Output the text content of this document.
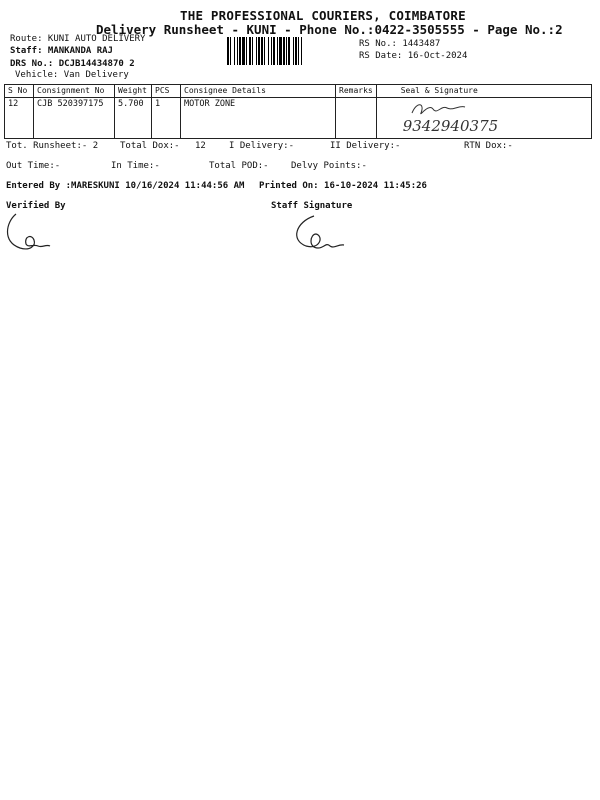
THE PROFESSIONAL COURIERS, COIMBATORE
Delivery Runsheet - KUNI - Phone No.:0422-3505555 - Page No.:2
Route: KUNI AUTO DELIVERY
Staff: MANKANDA RAJ
DRS No.: DCJB14434870 2
Vehicle: Van Delivery
RS No.: 1443487
RS Date: 16-Oct-2024
S No	Consignment No	Weight	PCS	Consignee Details	Remarks	Seal & Signature
12	CJB 520397175	5.700	1	MOTOR ZONE		9342940375
Tot. Runsheet:- 2 Total Dox:- 12	I Delivery:-	II Delivery:-	RTN Dox:-
Out Time:-	In Time:-	Total POD:- Delvy Points:-
Entered By :MARESKUNI 10/16/2024 11:44:56 AM Printed On: 16-10-2024 11:45:26
Verified By	Staff Signature
